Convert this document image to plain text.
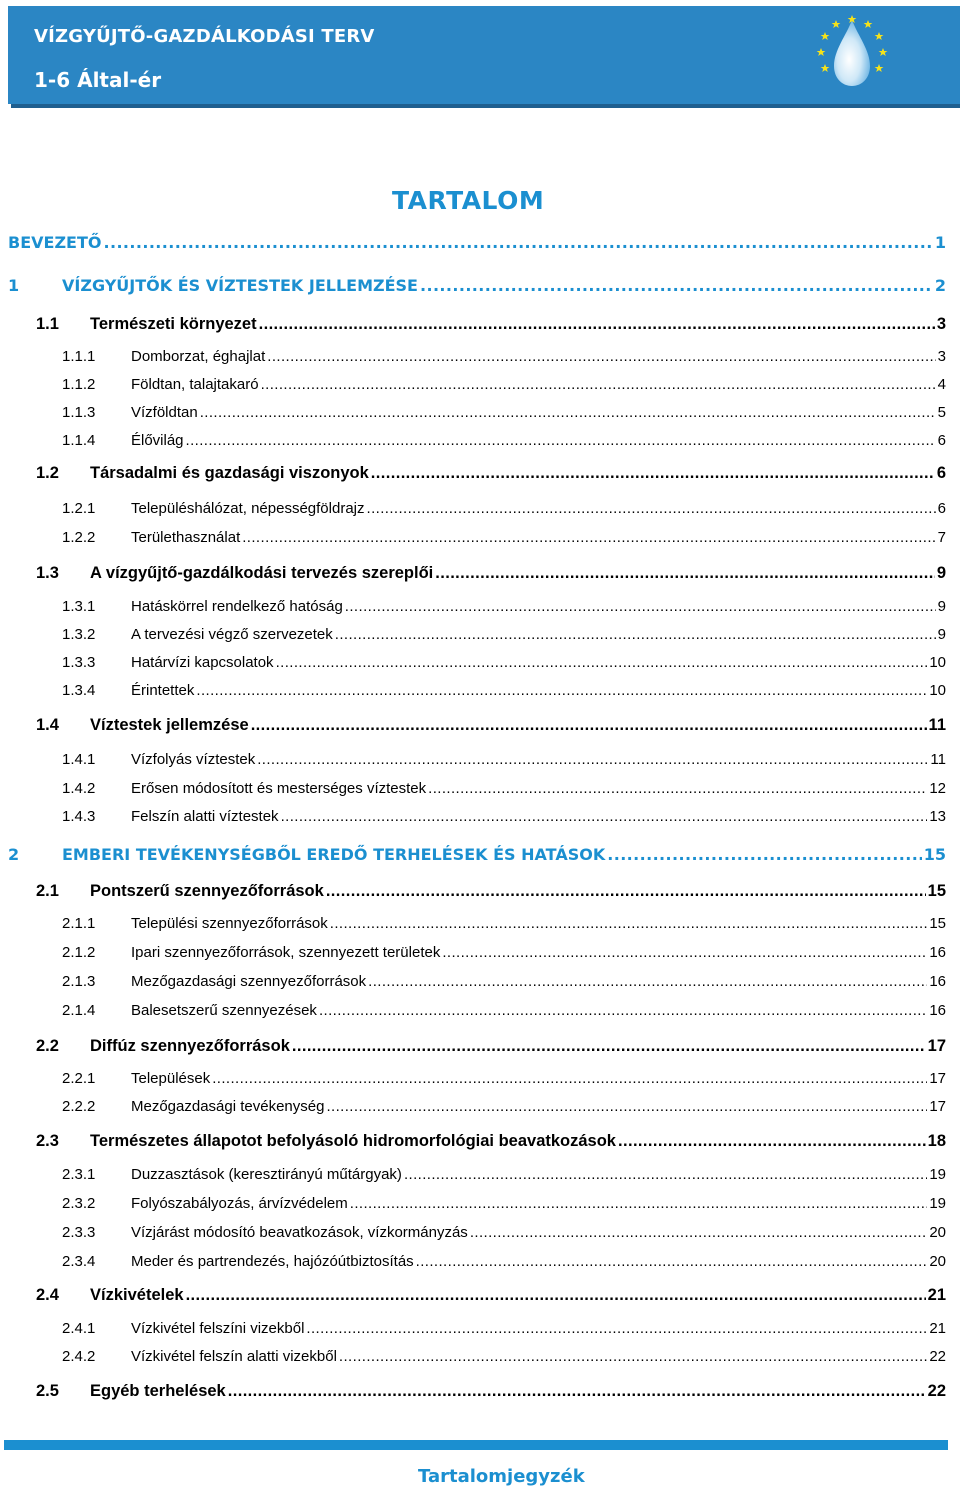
VÍZGYŰJTŐ-GAZDÁLKODÁSI TERV
1-6 Által-ér
TARTALOM
BEVEZETŐ .....	1
1	VÍZGYŰJTŐK ÉS VÍZTESTEK JELLEMZÉSE .....	2
1.1	Természeti környezet .....	3
1.1.1	Domborzat, éghajlat .....	3
1.1.2	Földtan, talajtakaró .....	4
1.1.3	Vízföldtan .....	5
1.1.4	Élővilág .....	6
1.2	Társadalmi és gazdasági viszonyok .....	6
1.2.1	Településhálózat, népességföldrajz .....	6
1.2.2	Területhasználat .....	7
1.3	A vízgyűjtő-gazdálkodási tervezés szereplői .....	9
1.3.1	Hatáskörrel rendelkező hatóság .....	9
1.3.2	A tervezési végző szervezetek .....	9
1.3.3	Határvízi kapcsolatok .....	10
1.3.4	Érintettek .....	10
1.4	Víztestek jellemzése .....	11
1.4.1	Vízfolyás víztestek .....	11
1.4.2	Erősen módosított és mesterséges víztestek .....	12
1.4.3	Felszín alatti víztestek .....	13
2	EMBERI TEVÉKENYSÉGBŐL EREDŐ TERHELÉSEK ÉS HATÁSOK .....	15
2.1	Pontszerű szennyezőforrások .....	15
2.1.1	Települési szennyezőforrások .....	15
2.1.2	Ipari szennyezőforrások, szennyezett területek .....	16
2.1.3	Mezőgazdasági szennyezőforrások .....	16
2.1.4	Balesetszerű szennyezések .....	16
2.2	Diffúz szennyezőforrások .....	17
2.2.1	Települések .....	17
2.2.2	Mezőgazdasági tevékenység .....	17
2.3	Természetes állapotot befolyásoló hidromorfológiai beavatkozások .....	18
2.3.1	Duzzasztások (keresztirányú műtárgyak) .....	19
2.3.2	Folyószabályozás, árvízvédelem .....	19
2.3.3	Vízjárást módosító beavatkozások, vízkormányzás .....	20
2.3.4	Meder és partrendezés, hajózóútbiztosítás .....	20
2.4	Vízkivételek .....	21
2.4.1	Vízkivétel felszíni vizekből .....	21
2.4.2	Vízkivétel felszín alatti vizekből .....	22
2.5	Egyéb terhelések .....	22
Tartalomjegyzék
